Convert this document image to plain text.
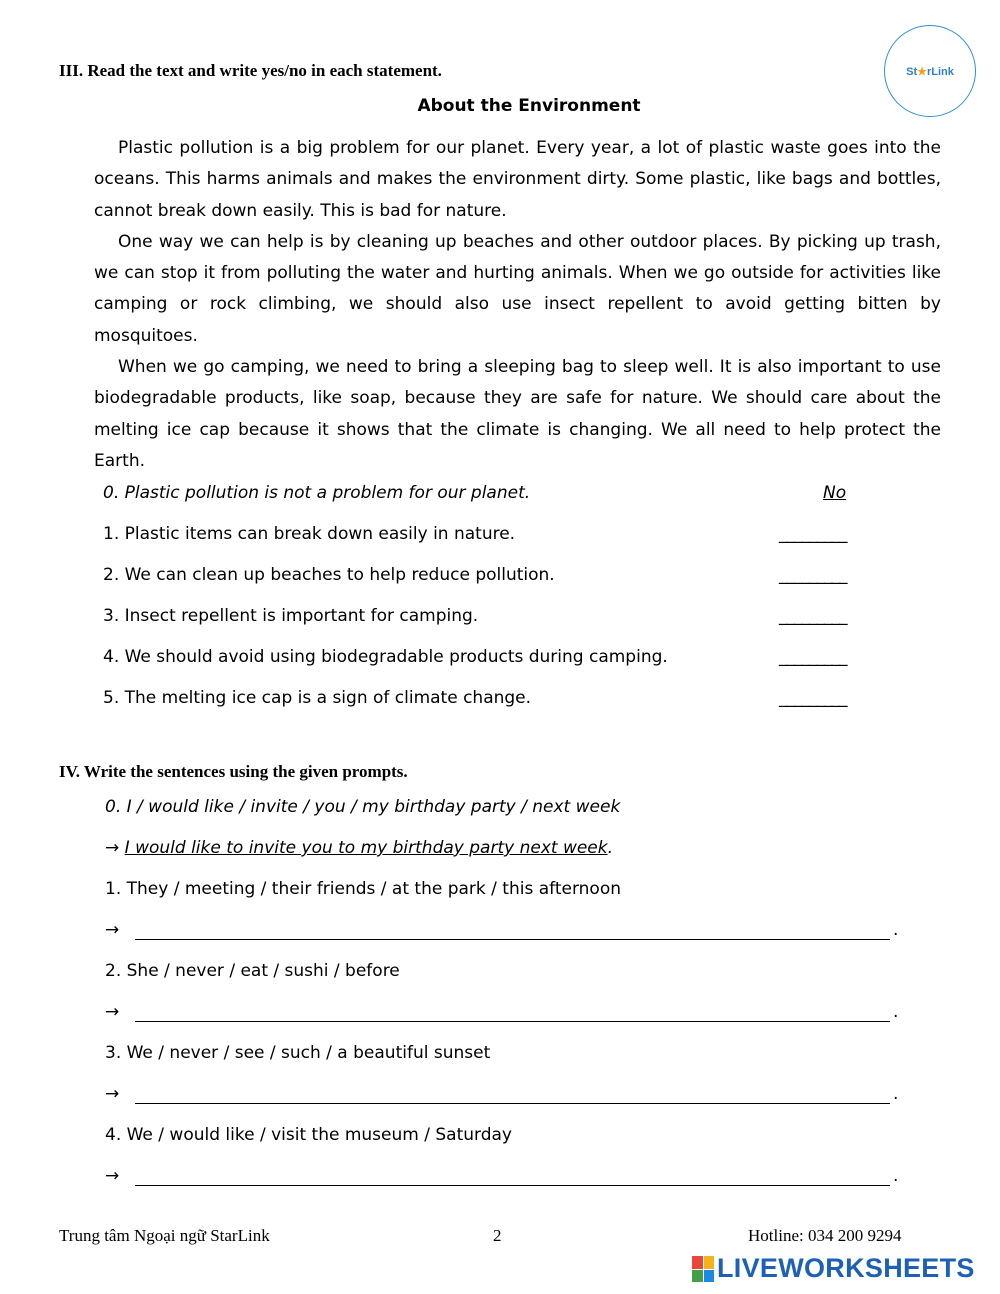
St★rLink
III. Read the text and write yes/no in each statement.
About the Environment

Plastic pollution is a big problem for our planet. Every year, a lot of plastic waste goes into the oceans. This harms animals and makes the environment dirty. Some plastic, like bags and bottles, cannot break down easily. This is bad for nature.

One way we can help is by cleaning up beaches and other outdoor places. By picking up trash, we can stop it from polluting the water and hurting animals. When we go outside for activities like camping or rock climbing, we should also use insect repellent to avoid getting bitten by mosquitoes.

When we go camping, we need to bring a sleeping bag to sleep well. It is also important to use biodegradable products, like soap, because they are safe for nature. We should care about the melting ice cap because it shows that the climate is changing. We all need to help protect the Earth.

0. Plastic pollution is not a problem for our planet.	No
1. Plastic items can break down easily in nature.	_________
2. We can clean up beaches to help reduce pollution.	_________
3. Insect repellent is important for camping.	_________
4. We should avoid using biodegradable products during camping.	_________
5. The melting ice cap is a sign of climate change.	_________
IV. Write the sentences using the given prompts.
0. I / would like / invite / you / my birthday party / next week
→ I would like to invite you to my birthday party next week.
1. They / meeting / their friends / at the park / this afternoon
→	.
2. She / never / eat / sushi / before
→	.
3. We / never / see / such / a beautiful sunset
→	.
4. We / would like / visit the museum / Saturday
→	.
Trung tâm Ngoại ngữ StarLink	2	Hotline: 034 200 9294
LIVEWORKSHEETS
